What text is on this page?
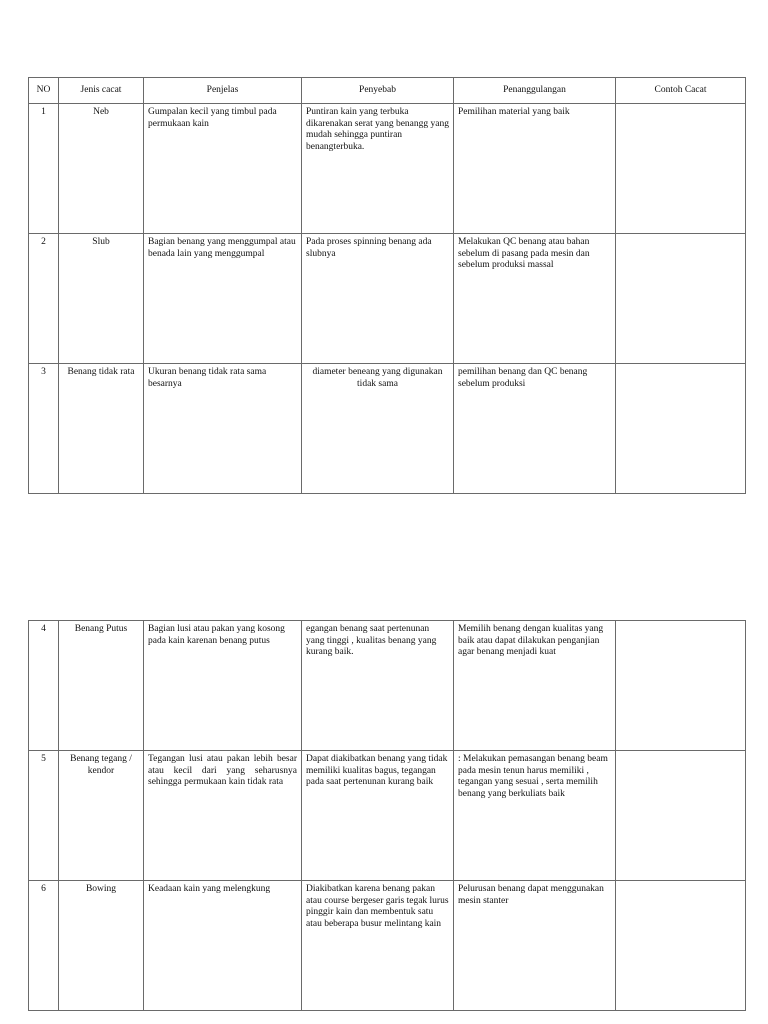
NO	Jenis cacat	Penjelas	Penyebab	Penanggulangan	Contoh Cacat
1	Neb	Gumpalan kecil yang timbul pada permukaan kain	Puntiran kain yang terbuka dikarenakan serat yang benangg yang mudah sehingga puntiran benangterbuka.	Pemilihan material yang baik	
2	Slub	Bagian benang yang menggumpal atau benada lain yang menggumpal	Pada proses spinning benang ada slubnya	Melakukan QC benang atau bahan sebelum di pasang pada mesin dan sebelum produksi massal	
3	Benang tidak rata	Ukuran benang tidak rata sama besarnya	diameter beneang yang digunakan tidak sama	pemilihan benang dan QC benang sebelum produksi	
4	Benang Putus	Bagian lusi atau pakan yang kosong pada kain karenan benang putus	egangan benang saat pertenunan yang tinggi , kualitas benang yang kurang baik.	Memilih benang dengan kualitas yang baik atau dapat dilakukan penganjian agar benang menjadi kuat	
5	Benang tegang / kendor	Tegangan lusi atau pakan lebih besar atau kecil dari yang seharusnya sehingga permukaan kain tidak rata	Dapat diakibatkan benang yang tidak memiliki kualitas bagus, tegangan pada saat pertenunan kurang baik	: Melakukan pemasangan benang beam pada mesin tenun harus memiliki , tegangan yang sesuai , serta memilih benang yang berkuliats baik	
6	Bowing	Keadaan kain yang melengkung	Diakibatkan karena benang pakan atau course bergeser garis tegak lurus pinggir kain dan membentuk satu atau beberapa busur melintang kain	Pelurusan benang dapat menggunakan mesin stanter	
